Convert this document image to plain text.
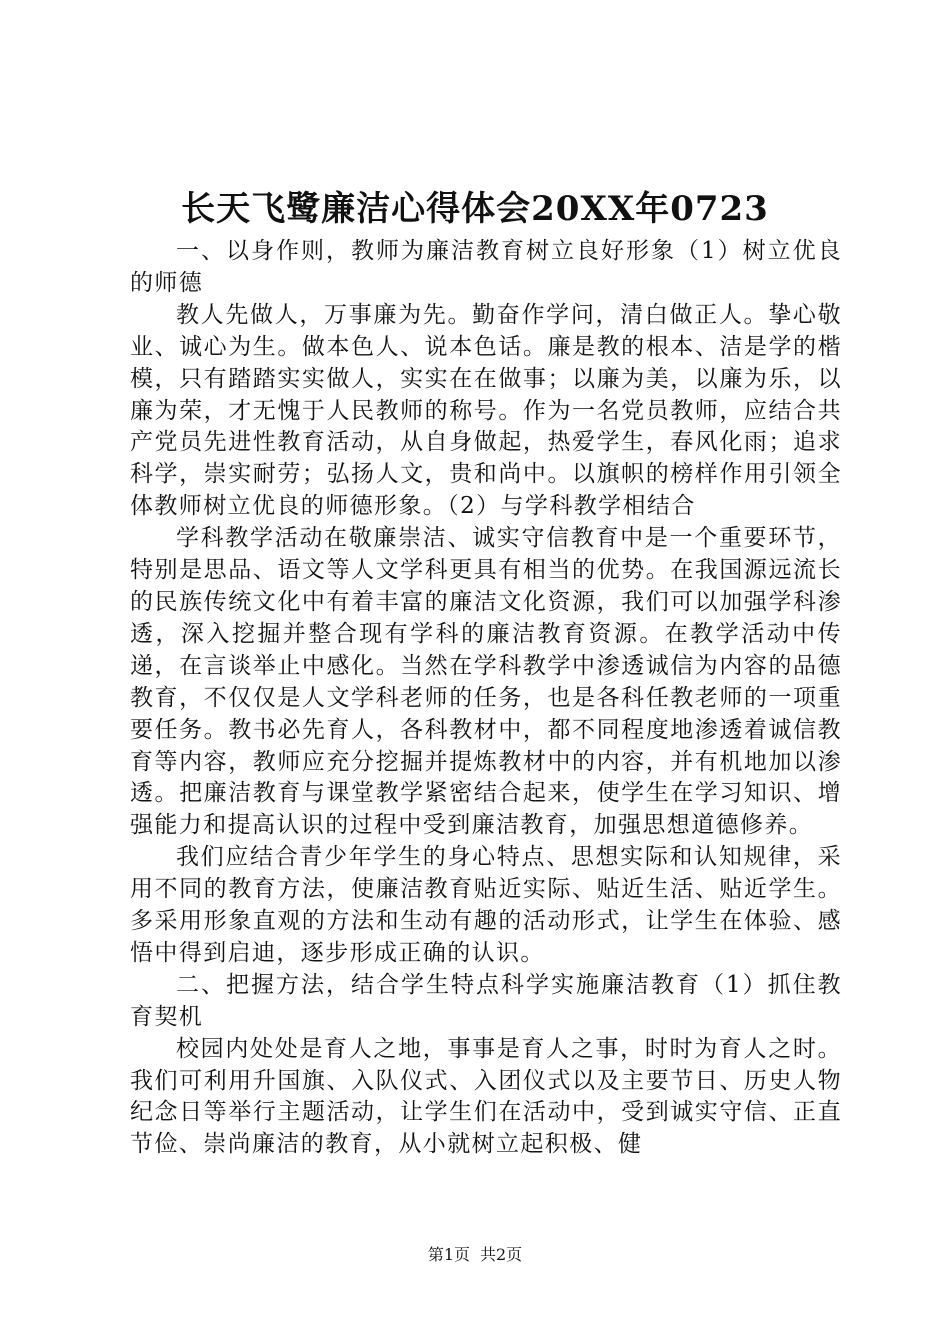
长天飞鹭廉洁心得体会20XX年0723

一、以身作则，教师为廉洁教育树立良好形象（1）树立优良的师德

教人先做人，万事廉为先。勤奋作学问，清白做正人。挚心敬业、诚心为生。做本色人、说本色话。廉是教的根本、洁是学的楷模，只有踏踏实实做人，实实在在做事；以廉为美，以廉为乐，以廉为荣，才无愧于人民教师的称号。作为一名党员教师，应结合共产党员先进性教育活动，从自身做起，热爱学生，春风化雨；追求科学，崇实耐劳；弘扬人文，贵和尚中。以旗帜的榜样作用引领全体教师树立优良的师德形象。（2）与学科教学相结合

学科教学活动在敬廉崇洁、诚实守信教育中是一个重要环节，特别是思品、语文等人文学科更具有相当的优势。在我国源远流长的民族传统文化中有着丰富的廉洁文化资源，我们可以加强学科渗透，深入挖掘并整合现有学科的廉洁教育资源。在教学活动中传递，在言谈举止中感化。当然在学科教学中渗透诚信为内容的品德教育，不仅仅是人文学科老师的任务，也是各科任教老师的一项重要任务。教书必先育人，各科教材中，都不同程度地渗透着诚信教育等内容，教师应充分挖掘并提炼教材中的内容，并有机地加以渗透。把廉洁教育与课堂教学紧密结合起来，使学生在学习知识、增强能力和提高认识的过程中受到廉洁教育，加强思想道德修养。

我们应结合青少年学生的身心特点、思想实际和认知规律，采用不同的教育方法，使廉洁教育贴近实际、贴近生活、贴近学生。多采用形象直观的方法和生动有趣的活动形式，让学生在体验、感悟中得到启迪，逐步形成正确的认识。

二、把握方法，结合学生特点科学实施廉洁教育（1）抓住教育契机

校园内处处是育人之地，事事是育人之事，时时为育人之时。我们可利用升国旗、入队仪式、入团仪式以及主要节日、历史人物纪念日等举行主题活动，让学生们在活动中，受到诚实守信、正直节俭、崇尚廉洁的教育，从小就树立起积极、健

第1页 共2页
